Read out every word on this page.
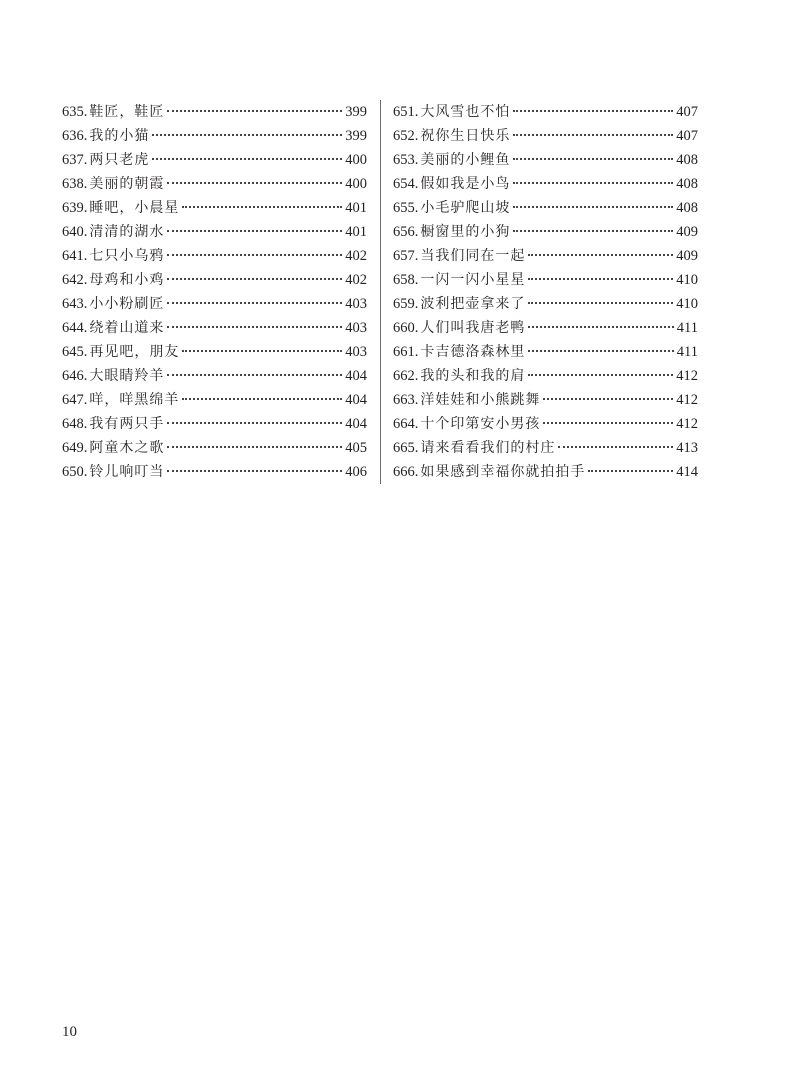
635. 鞋匠，鞋匠	399
636. 我的小猫	399
637. 两只老虎	400
638. 美丽的朝霞	400
639. 睡吧，小晨星	401
640. 清清的湖水	401
641. 七只小乌鸦	402
642. 母鸡和小鸡	402
643. 小小粉刷匠	403
644. 绕着山道来	403
645. 再见吧，朋友	403
646. 大眼睛羚羊	404
647. 咩，咩黑绵羊	404
648. 我有两只手	404
649. 阿童木之歌	405
650. 铃儿响叮当	406
651. 大风雪也不怕	407
652. 祝你生日快乐	407
653. 美丽的小鲤鱼	408
654. 假如我是小鸟	408
655. 小毛驴爬山坡	408
656. 橱窗里的小狗	409
657. 当我们同在一起	409
658. 一闪一闪小星星	410
659. 波利把壶拿来了	410
660. 人们叫我唐老鸭	411
661. 卡吉德洛森林里	411
662. 我的头和我的肩	412
663. 洋娃娃和小熊跳舞	412
664. 十个印第安小男孩	412
665. 请来看看我们的村庄	413
666. 如果感到幸福你就拍拍手	414
10
